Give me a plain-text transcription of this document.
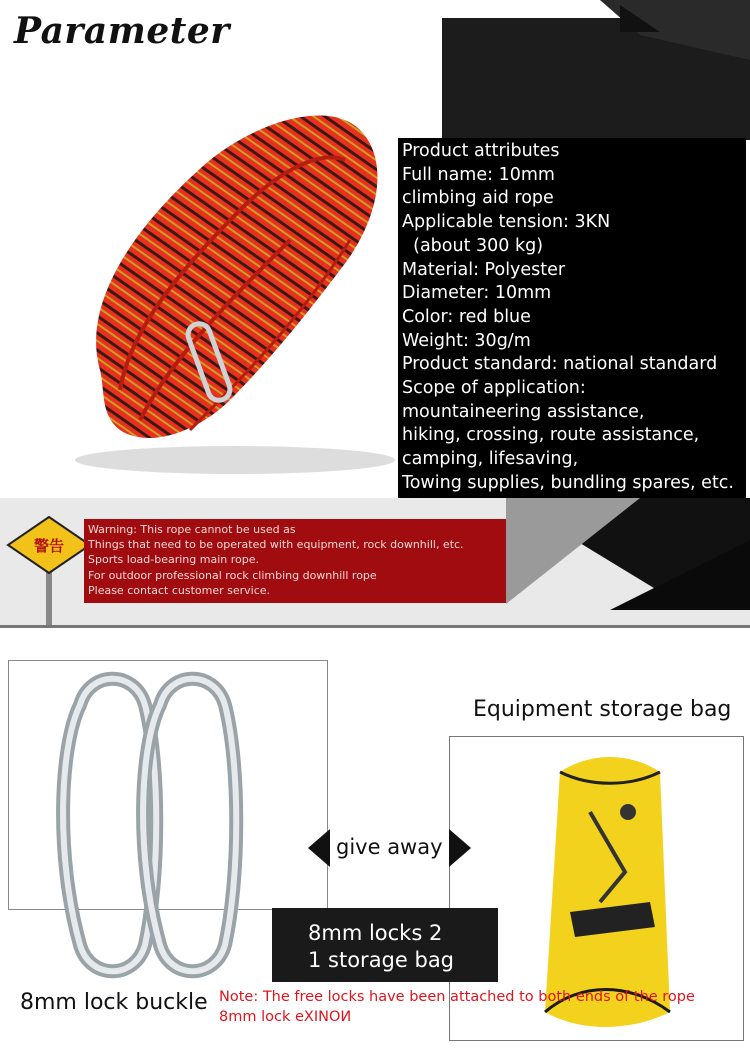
Parameter
Product attributes
Full name: 10mm
climbing aid rope
Applicable tension: 3KN
(about 300 kg)
Material: Polyester
Diameter: 10mm
Color: red blue
Weight: 30g/m
Product standard: national standard
Scope of application:
mountaineering assistance,
hiking, crossing, route assistance,
camping, lifesaving,
Towing supplies, bundling spares, etc.
警告
Warning: This rope cannot be used as
Things that need to be operated with equipment, rock downhill, etc.
Sports load-bearing main rope.
For outdoor professional rock climbing downhill rope
Please contact customer service.
Equipment storage bag
give away
8mm locks 2
1 storage bag
8mm lock buckle Note: The free locks have been attached to both ends of the rope
8mm lock eXINOИ
